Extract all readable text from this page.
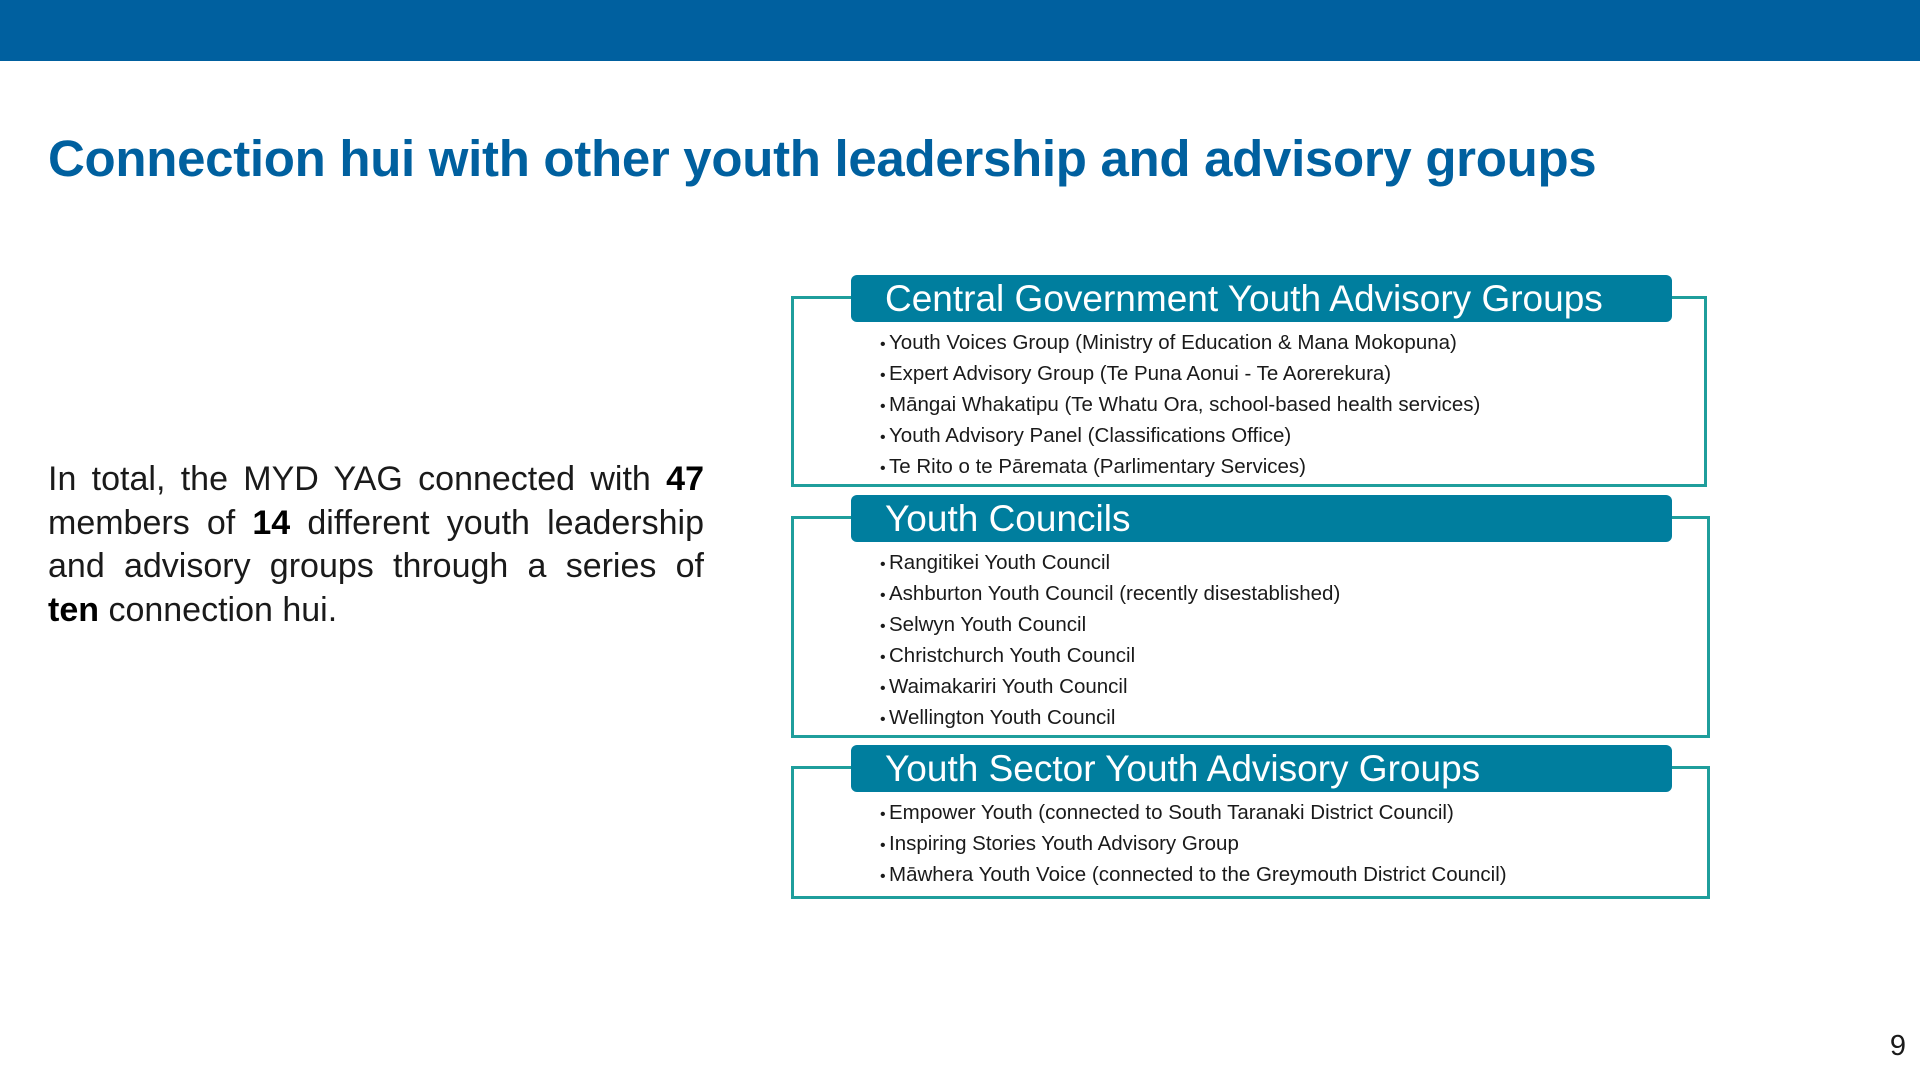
Connection hui with other youth leadership and advisory groups

In total, the MYD YAG connected with 47 members of 14 different youth leadership and advisory groups through a series of ten connection hui.

Central Government Youth Advisory Groups
• Youth Voices Group (Ministry of Education & Mana Mokopuna)
• Expert Advisory Group (Te Puna Aonui - Te Aorerekura)
• Māngai Whakatipu (Te Whatu Ora, school-based health services)
• Youth Advisory Panel (Classifications Office)
• Te Rito o te Pāremata (Parlimentary Services)
Youth Councils
• Rangitikei Youth Council
• Ashburton Youth Council (recently disestablished)
• Selwyn Youth Council
• Christchurch Youth Council
• Waimakariri Youth Council
• Wellington Youth Council
Youth Sector Youth Advisory Groups
• Empower Youth (connected to South Taranaki District Council)
• Inspiring Stories Youth Advisory Group
• Māwhera Youth Voice (connected to the Greymouth District Council)
9
